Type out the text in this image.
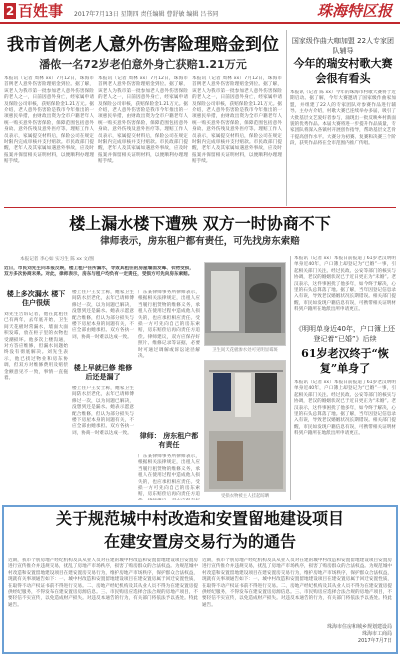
2 百姓事 2017年7月13日 星期四 责任编辑 曹舒敏 编辑 吕书同	珠海特区报
我市首例老人意外伤害险理赔金到位
潘侬一名72岁老伯意外身亡获赔1.21万元
本报讯（记者 周林 xx）7月12日，珠海市首例老人意外伤害险理赔金到位。据了解，该老人为我市第一批参加老人意外伤害保险的老人之一，日前因意外身亡，经家属申请及保险公司审核，获赔保险金1.21万元。据介绍，老人意外伤害险是我市今年推出的一项惠民举措，由财政出资为全市户籍老年人统一购买意外伤害保险，保障范围包括意外身故、意外伤残及意外医疗等。理赔工作人员表示，家属提交材料后，保险公司在规定时限内完成审核并支付赔款。市民政部门提醒，老年人及其家属如遇意外事故，应及时报案并保留相关证明材料，以便顺利办理理赔手续。
本报讯（记者 周林 xx）7月12日，珠海市首例老人意外伤害险理赔金到位。据了解，该老人为我市第一批参加老人意外伤害保险的老人之一，日前因意外身亡，经家属申请及保险公司审核，获赔保险金1.21万元。据介绍，老人意外伤害险是我市今年推出的一项惠民举措，由财政出资为全市户籍老年人统一购买意外伤害保险，保障范围包括意外身故、意外伤残及意外医疗等。理赔工作人员表示，家属提交材料后，保险公司在规定时限内完成审核并支付赔款。市民政部门提醒，老年人及其家属如遇意外事故，应及时报案并保留相关证明材料，以便顺利办理理赔手续。
本报讯（记者 周林 xx）7月12日，珠海市首例老人意外伤害险理赔金到位。据了解，该老人为我市第一批参加老人意外伤害保险的老人之一，日前因意外身亡，经家属申请及保险公司审核，获赔保险金1.21万元。据介绍，老人意外伤害险是我市今年推出的一项惠民举措，由财政出资为全市户籍老年人统一购买意外伤害保险，保障范围包括意外身故、意外伤残及意外医疗等。理赔工作人员表示，家属提交材料后，保险公司在规定时限内完成审核并支付赔款。市民政部门提醒，老年人及其家属如遇意外事故，应及时报案并保留相关证明材料，以便顺利办理理赔手续。
国家级作曲大咖加盟 22人专家团队辅导
今年的瑞安村歌大赛会很有看头
本报讯（记者 陈 xx）今年的珠海市村歌大赛将于近期启动。据了解，今年大赛邀请了国家级作曲家加盟，并组建了22人的专家团队对参赛作品进行辅导。主办方介绍，村歌大赛已连续举办多届，吸引了大批基层文艺爱好者参与，涌现出一批反映乡村新面貌的优秀作品。本届大赛将进一步提升作品质量，专家团队将深入各镇村开展创作指导，帮助基层文艺骨干提高创作水平。大赛分为初赛、复赛和决赛三个阶段，获奖作品将在全市范围内推广传唱。
楼上漏水楼下遭殃 双方一时协商不下
律师表示，房东租户都有责任，可先找房东索赔
本报记者 李心如 实习生 陈 xx 文/图
近日，市民刘先生向本报反映，楼上租户住所漏水，导致其租住的房屋墙面发霉、衣物受损，双方多次协商未果。对此，律师表示，房东与租户均负有一定责任，受损方可先向房东索赔。
楼上多次漏水 楼下住户很烦
刘先生告诉记者，他在此租住已有两年，去年底开始，卫生间天花板时常漏水，墙面大面积发霉，放在柜子里的衣物也受潮损坏。他多次上楼沟通，对方答应维修，但漏水问题始终没有彻底解决。刘先生表示，他已找过物业和房东协调，但双方对维修费用及赔偿金额意见不一致，事情一直拖着。
楼上住户王女士称，她家卫生间防水层老化，去年已请师傅修过一次，以为问题已解决，没想到还是漏水。她表示愿意配合维修，但认为部分损失与楼下房屋本身的问题有关，不应全部由她承担。双方各执一词，协商一时难以达成一致。
楼上早就已修 维修后还是漏了
楼上住户王女士称，她家卫生间防水层老化，去年已请师傅修过一次，以为问题已解决，没想到还是漏水。她表示愿意配合维修，但认为部分损失与楼下房屋本身的问题有关，不应全部由她承担。双方各执一词，协商一时难以达成一致。
广东某律师事务所律师表示，根据相关法律规定，出租人应当履行租赁物的维修义务，承租人在使用过程中造成他人损失的，也应承担相应责任。受损一方可先向自己的房东索赔，房东赔偿后再向责任方追偿。律师建议，双方应保存好照片、维修记录等证据，必要时可通过调解或诉讼途径解决。
律师： 房东租户都有责任
广东某律师事务所律师表示，根据相关法律规定，出租人应当履行租赁物的维修义务，承租人在使用过程中造成他人损失的，也应承担相应责任。受损一方可先向自己的房东索赔，房东赔偿后再向责任方追
卫生间天花板渗水处可见明显霉斑
受损衣物被主人挂起晾晒
本报讯（记者 xx）本报日前报道了61岁老汉明明单身近40年，户口簿上却登记为“已婚”一事，引起相关部门关注。经过民政、公安等部门的核实与协调，老汉的婚姻状况已于近日更正为“未婚”。老汉表示，这件事困扰了他多年，如今终于解决，心里的石头总算落了地。据了解，当年因登记信息录入有误，导致老汉婚姻状况长期错误。相关部门提醒，市民如发现户籍信息有误，可携带相关证明材料到户籍所在地派出所申请更正。
《明明单身近40年，户口簿上还登记着“已婚”》后续
61岁老汉终于“恢复”单身了
本报讯（记者 xx）本报日前报道了61岁老汉明明单身近40年，户口簿上却登记为“已婚”一事，引起相关部门关注。经过民政、公安等部门的核实与协调，老汉的婚姻状况已于近日更正为“未婚”。老汉表示，这件事困扰了他多年，如今终于解决，心里的石头总算落了地。据了解，当年因登记信息录入有误，导致老汉婚姻状况长期错误。相关部门提醒，市民如发现户籍信息有误，可携带相关证明材料到户籍所在地派出所申请更正。
关于规范城中村改造和安置留地建设项目
在建安置房交易行为的通告
近期，我市个别房地产经纪机构及其从业人员对在建的城中村改造和安置留地建设项目安置房进行宣传推介并违规交易，扰乱了房地产市场秩序，损害了购房群众的合法权益。为规范城中村改造和安置留地建设项目在建安置房交易行为，维护房地产市场秩序，保护群众合法权益，现就有关事项通告如下：一、城中村改造和安置留地建设项目在建安置房属于回迁安置性质，在取得不动产权证书前不得进行交易。二、房地产经纪机构及其从业人员不得为在建安置房提供经纪服务，不得发布在建安置房房源信息。三、市民购房应选择合法合规的房地产项目，不要轻信不实宣传，以免造成财产损失。对违反本通告的行为，有关部门将依法予以查处。特此通告。
近期，我市个别房地产经纪机构及其从业人员对在建的城中村改造和安置留地建设项目安置房进行宣传推介并违规交易，扰乱了房地产市场秩序，损害了购房群众的合法权益。为规范城中村改造和安置留地建设项目在建安置房交易行为，维护房地产市场秩序，保护群众合法权益，现就有关事项通告如下：一、城中村改造和安置留地建设项目在建安置房属于回迁安置性质，在取得不动产权证书前不得进行交易。二、房地产经纪机构及其从业人员不得为在建安置房提供经纪服务，不得发布在建安置房房源信息。三、市民购房应选择合法合规的房地产项目，不要轻信不实宣传，以免造成财产损失。对违反本通告的行为，有关部门将依法予以查处。特此通告。
珠海市住房和城乡规划建设局
珠海市工商局
2017年7月7日
